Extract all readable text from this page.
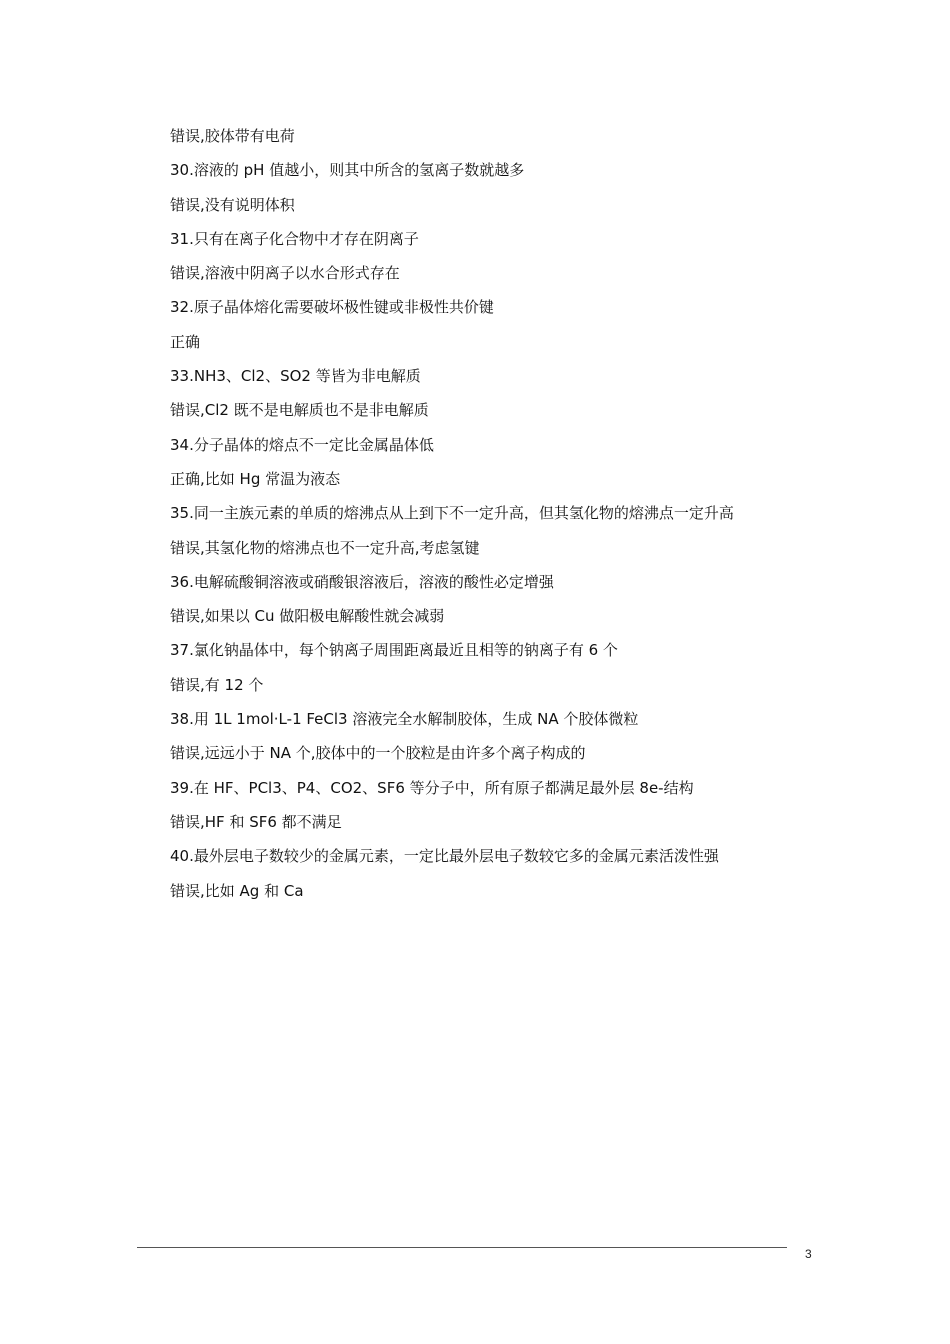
错误,胶体带有电荷
30.溶液的 pH 值越小，则其中所含的氢离子数就越多
错误,没有说明体积
31.只有在离子化合物中才存在阴离子
错误,溶液中阴离子以水合形式存在
32.原子晶体熔化需要破坏极性键或非极性共价键
正确
33.NH3、Cl2、SO2 等皆为非电解质
错误,Cl2 既不是电解质也不是非电解质
34.分子晶体的熔点不一定比金属晶体低
正确,比如 Hg 常温为液态
35.同一主族元素的单质的熔沸点从上到下不一定升高，但其氢化物的熔沸点一定升高
错误,其氢化物的熔沸点也不一定升高,考虑氢键
36.电解硫酸铜溶液或硝酸银溶液后，溶液的酸性必定增强
错误,如果以 Cu 做阳极电解酸性就会减弱
37.氯化钠晶体中，每个钠离子周围距离最近且相等的钠离子有 6 个
错误,有 12 个
38.用 1L 1mol·L-1 FeCl3 溶液完全水解制胶体，生成 NA 个胶体微粒
错误,远远小于 NA 个,胶体中的一个胶粒是由许多个离子构成的
39.在 HF、PCl3、P4、CO2、SF6 等分子中，所有原子都满足最外层 8e-结构
错误,HF 和 SF6 都不满足
40.最外层电子数较少的金属元素，一定比最外层电子数较它多的金属元素活泼性强
错误,比如 Ag 和 Ca
3
